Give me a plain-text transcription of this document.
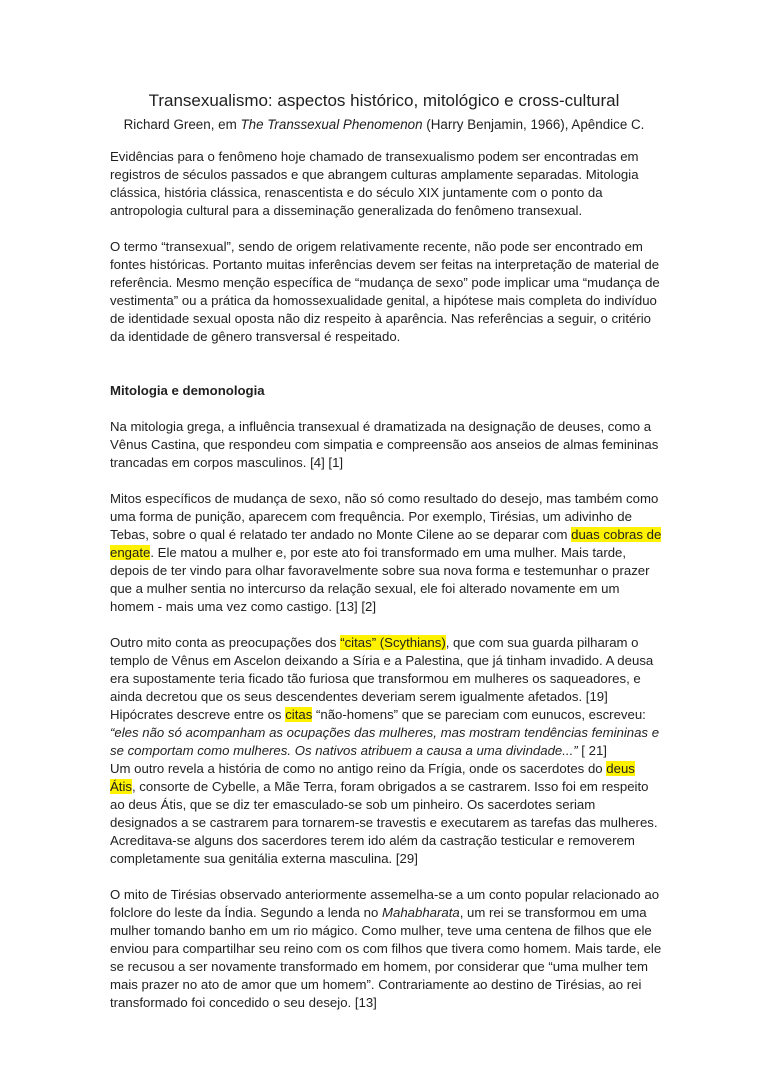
Transexualismo: aspectos histórico, mitológico e cross-cultural
Richard Green, em The Transsexual Phenomenon (Harry Benjamin, 1966), Apêndice C.

Evidências para o fenômeno hoje chamado de transexualismo podem ser encontradas em registros de séculos passados e que abrangem culturas amplamente separadas. Mitologia clássica, história clássica, renascentista e do século XIX juntamente com o ponto da antropologia cultural para a disseminação generalizada do fenômeno transexual.

O termo “transexual”, sendo de origem relativamente recente, não pode ser encontrado em fontes históricas. Portanto muitas inferências devem ser feitas na interpretação de material de referência. Mesmo menção específica de “mudança de sexo” pode implicar uma “mudança de vestimenta” ou a prática da homossexualidade genital, a hipótese mais completa do indivíduo de identidade sexual oposta não diz respeito à aparência. Nas referências a seguir, o critério da identidade de gênero transversal é respeitado.

Mitologia e demonologia

Na mitologia grega, a influência transexual é dramatizada na designação de deuses, como a Vênus Castina, que respondeu com simpatia e compreensão aos anseios de almas femininas trancadas em corpos masculinos. [4] [1]

Mitos específicos de mudança de sexo, não só como resultado do desejo, mas também como uma forma de punição, aparecem com frequência. Por exemplo, Tirésias, um adivinho de Tebas, sobre o qual é relatado ter andado no Monte Cilene ao se deparar com duas cobras de engate. Ele matou a mulher e, por este ato foi transformado em uma mulher. Mais tarde, depois de ter vindo para olhar favoravelmente sobre sua nova forma e testemunhar o prazer que a mulher sentia no intercurso da relação sexual, ele foi alterado novamente em um homem - mais uma vez como castigo. [13] [2]

Outro mito conta as preocupações dos “citas” (Scythians), que com sua guarda pilharam o templo de Vênus em Ascelon deixando a Síria e a Palestina, que já tinham invadido. A deusa era supostamente teria ficado tão furiosa que transformou em mulheres os saqueadores, e ainda decretou que os seus descendentes deveriam serem igualmente afetados. [19]

Hipócrates descreve entre os citas “não-homens” que se pareciam com eunucos, escreveu: “eles não só acompanham as ocupações das mulheres, mas mostram tendências femininas e se comportam como mulheres. Os nativos atribuem a causa a uma divindade...” [ 21]

Um outro revela a história de como no antigo reino da Frígia, onde os sacerdotes do deus Átis, consorte de Cybelle, a Mãe Terra, foram obrigados a se castrarem. Isso foi em respeito ao deus Átis, que se diz ter emasculado-se sob um pinheiro. Os sacerdotes seriam designados a se castrarem para tornarem-se travestis e executarem as tarefas das mulheres. Acreditava-se alguns dos sacerdores terem ido além da castração testicular e removerem completamente sua genitália externa masculina. [29]

O mito de Tirésias observado anteriormente assemelha-se a um conto popular relacionado ao folclore do leste da Índia. Segundo a lenda no Mahabharata, um rei se transformou em uma mulher tomando banho em um rio mágico. Como mulher, teve uma centena de filhos que ele enviou para compartilhar seu reino com os com filhos que tivera como homem. Mais tarde, ele se recusou a ser novamente transformado em homem, por considerar que “uma mulher tem mais prazer no ato de amor que um homem”. Contrariamente ao destino de Tirésias, ao rei transformado foi concedido o seu desejo. [13]
